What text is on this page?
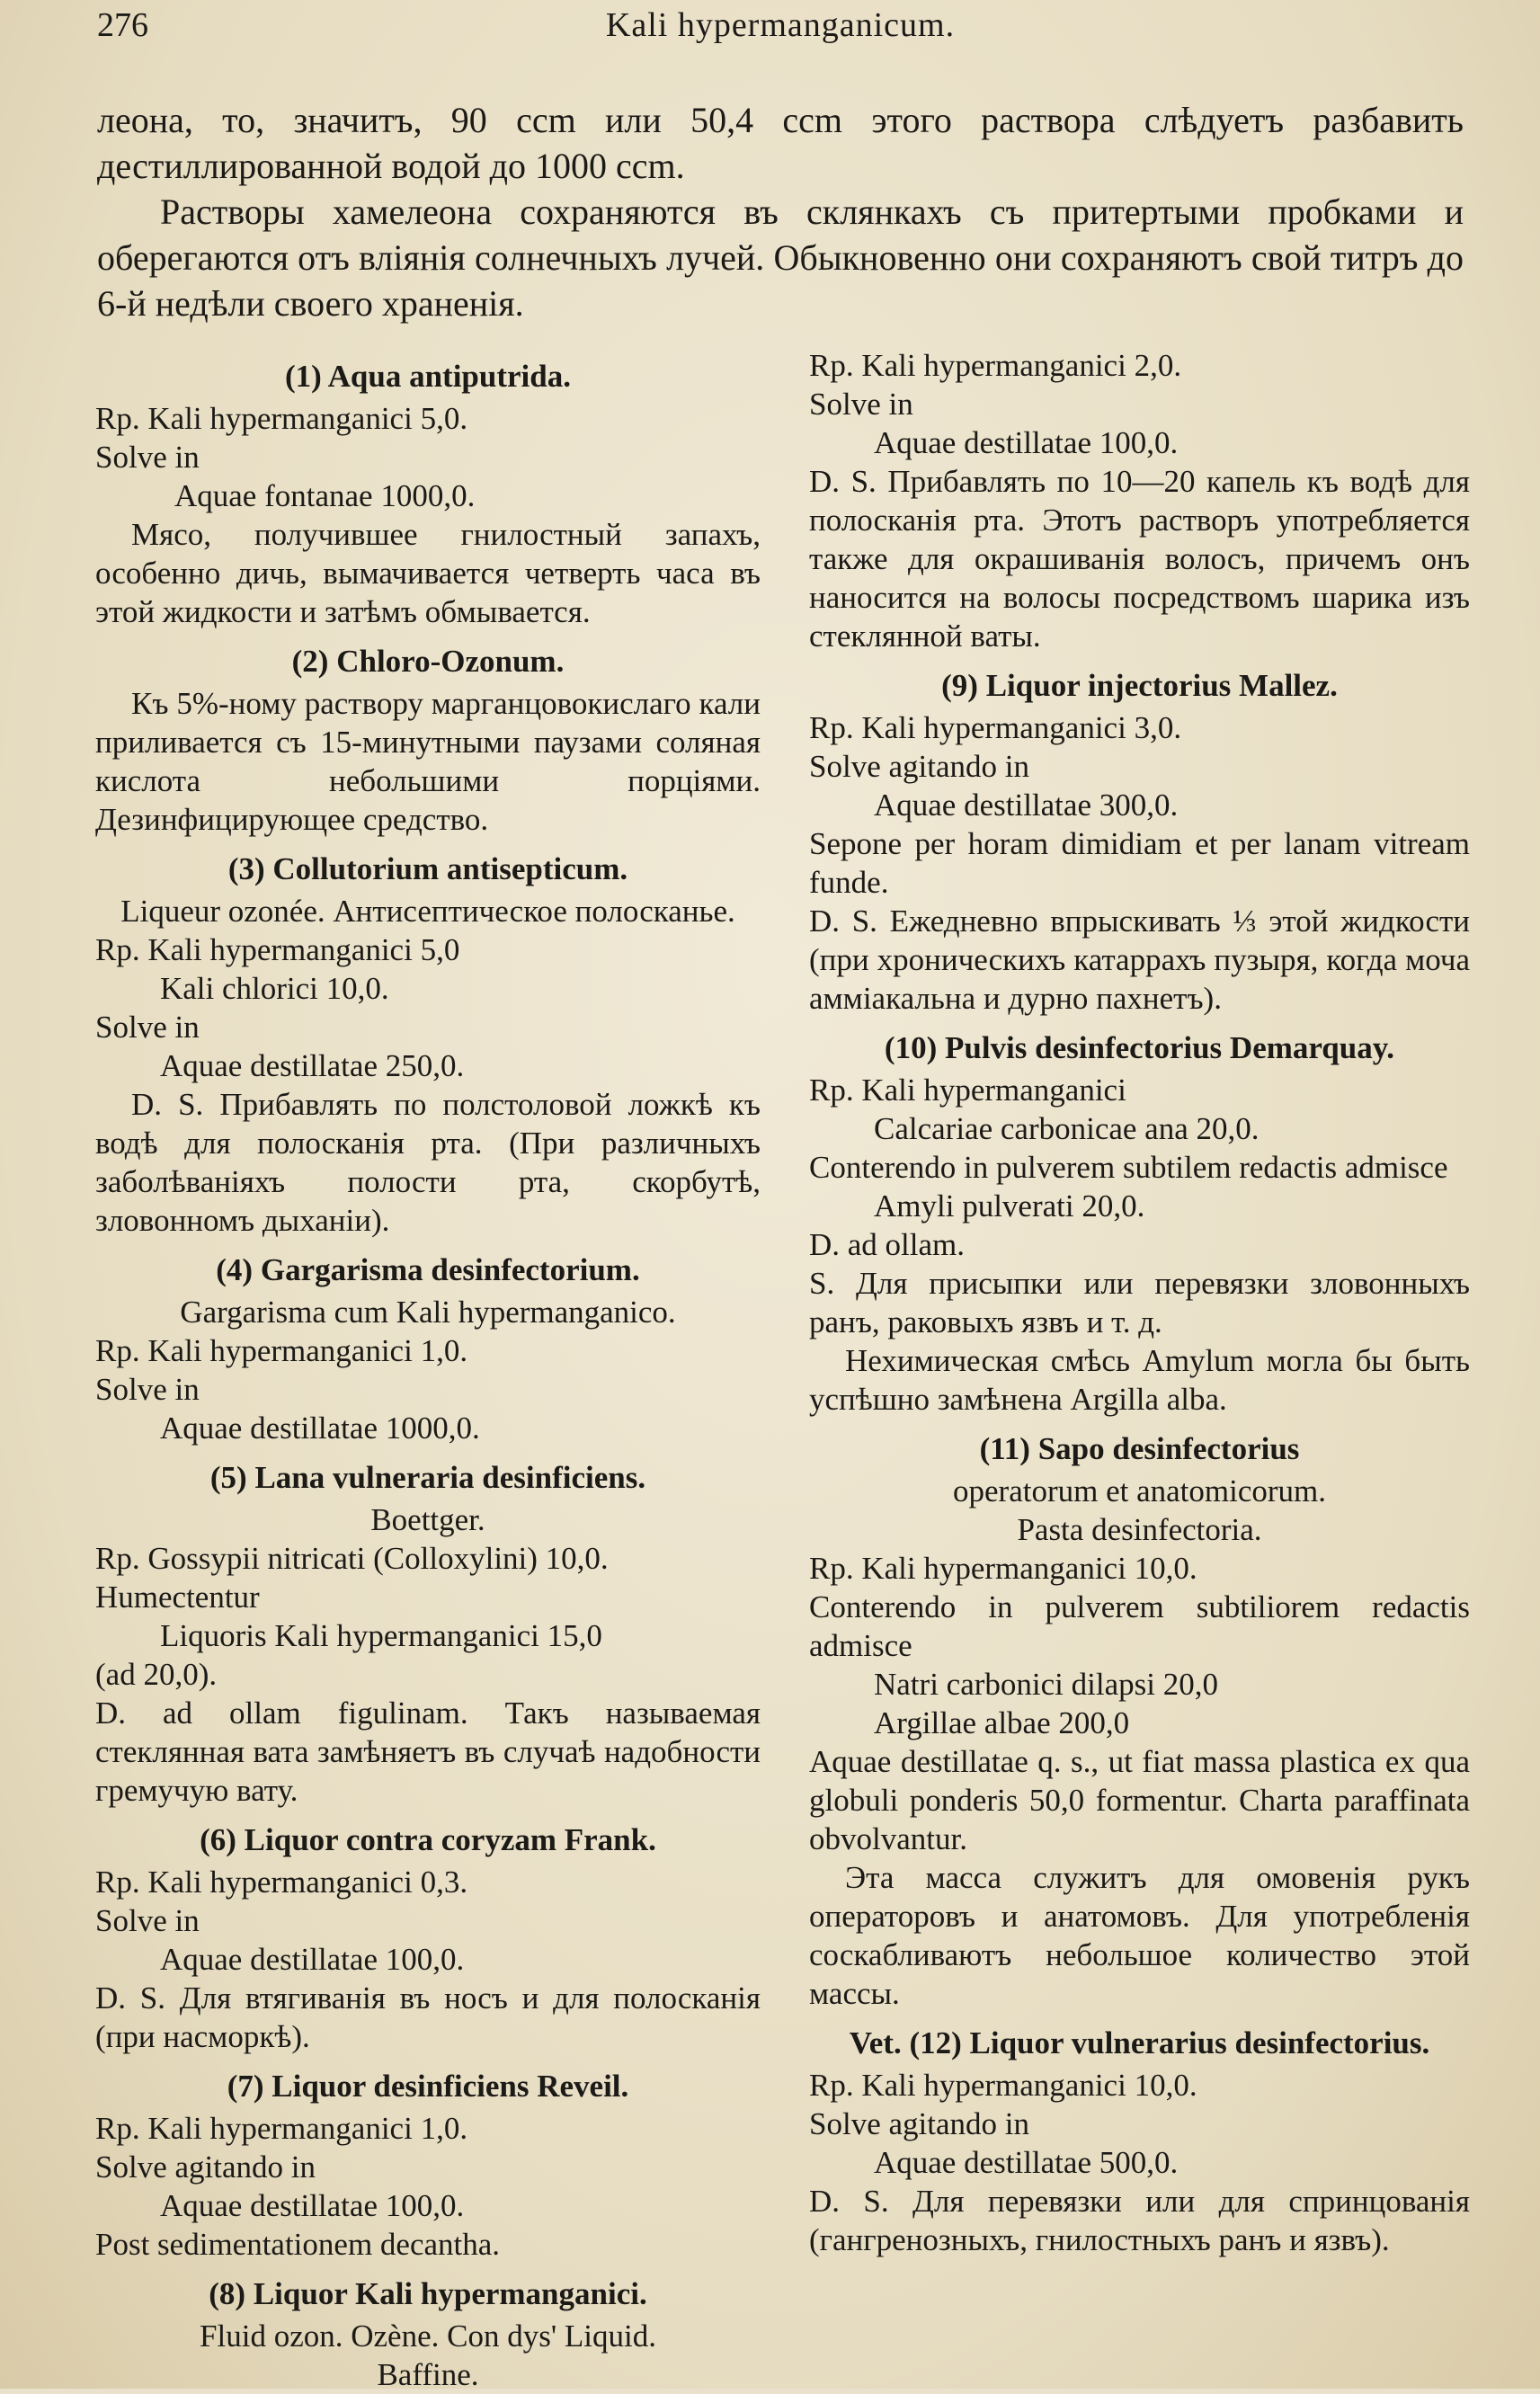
276	Kali hypermanganicum.

леона, то, значитъ, 90 ccm или 50,4 ccm этого раствора слѣдуетъ разбавить дестиллированной водой до 1000 ccm.

Растворы хамелеона сохраняются въ склянкахъ съ притертыми пробками и оберегаются отъ вліянія солнечныхъ лучей. Обыкновенно они сохраняютъ свой титръ до 6-й недѣли своего храненія.

(1) Aqua antiputrida.

Rp. Kali hypermanganici 5,0.

Solve in

Aquae fontanae 1000,0.

Мясо, получившее гнилостный запахъ, особенно дичь, вымачивается четверть часа въ этой жидкости и затѣмъ обмывается.

(2) Chloro-Ozonum.

Къ 5%-ному раствору марганцовокислаго кали приливается съ 15-минутными паузами соляная кислота небольшими порціями. Дезинфицирующее средство.

(3) Collutorium antisepticum.

Liqueur ozonée. Антисептическое полосканье.

Rp. Kali hypermanganici 5,0

Kali chlorici 10,0.

Solve in

Aquae destillatae 250,0.

D. S. Прибавлять по полстоловой ложкѣ къ водѣ для полосканія рта. (При различныхъ заболѣваніяхъ полости рта, скорбутѣ, зловонномъ дыханіи).

(4) Gargarisma desinfectorium.

Gargarisma cum Kali hypermanganico.

Rp. Kali hypermanganici 1,0.

Solve in

Aquae destillatae 1000,0.

(5) Lana vulneraria desinficiens.

Boettger.

Rp. Gossypii nitricati (Colloxylini) 10,0.

Humectentur

Liquoris Kali hypermanganici 15,0

(ad 20,0).

D. ad ollam figulinam. Такъ называемая стеклянная вата замѣняетъ въ случаѣ надобности гремучую вату.

(6) Liquor contra coryzam Frank.

Rp. Kali hypermanganici 0,3.

Solve in

Aquae destillatae 100,0.

D. S. Для втягиванія въ носъ и для полосканія (при насморкѣ).

(7) Liquor desinficiens Reveil.

Rp. Kali hypermanganici 1,0.

Solve agitando in

Aquae destillatae 100,0.

Post sedimentationem decantha.

(8) Liquor Kali hypermanganici.

Fluid ozon. Ozène. Con dys' Liquid.

Baffine.

Rp. Kali hypermanganici 2,0.

Solve in

Aquae destillatae 100,0.

D. S. Прибавлять по 10—20 капель къ водѣ для полосканія рта. Этотъ растворъ употребляется также для окрашиванія волосъ, причемъ онъ наносится на волосы посредствомъ шарика изъ стеклянной ваты.

(9) Liquor injectorius Mallez.

Rp. Kali hypermanganici 3,0.

Solve agitando in

Aquae destillatae 300,0.

Sepone per horam dimidiam et per lanam vitream funde.

D. S. Ежедневно впрыскивать ⅓ этой жидкости (при хроническихъ катаррахъ пузыря, когда моча амміакальна и дурно пахнетъ).

(10) Pulvis desinfectorius Demarquay.

Rp. Kali hypermanganici

Calcariae carbonicae ana 20,0.

Conterendo in pulverem subtilem redactis admisce

Amyli pulverati 20,0.

D. ad ollam.

S. Для присыпки или перевязки зловонныхъ ранъ, раковыхъ язвъ и т. д.

Нехимическая смѣсь Amylum могла бы быть успѣшно замѣнена Argilla alba.

(11) Sapo desinfectorius

operatorum et anatomicorum.

Pasta desinfectoria.

Rp. Kali hypermanganici 10,0.

Conterendo in pulverem subtiliorem redactis admisce

Natri carbonici dilapsi 20,0

Argillae albae 200,0

Aquae destillatae q. s., ut fiat massa plastica ex qua globuli ponderis 50,0 formentur. Charta paraffinata obvolvantur.

Эта масса служитъ для омовенія рукъ операторовъ и анатомовъ. Для употребленія соскабливаютъ небольшое количество этой массы.

Vet. (12) Liquor vulnerarius desinfectorius.

Rp. Kali hypermanganici 10,0.

Solve agitando in

Aquae destillatae 500,0.

D. S. Для перевязки или для спринцованія (гангренозныхъ, гнилостныхъ ранъ и язвъ).
